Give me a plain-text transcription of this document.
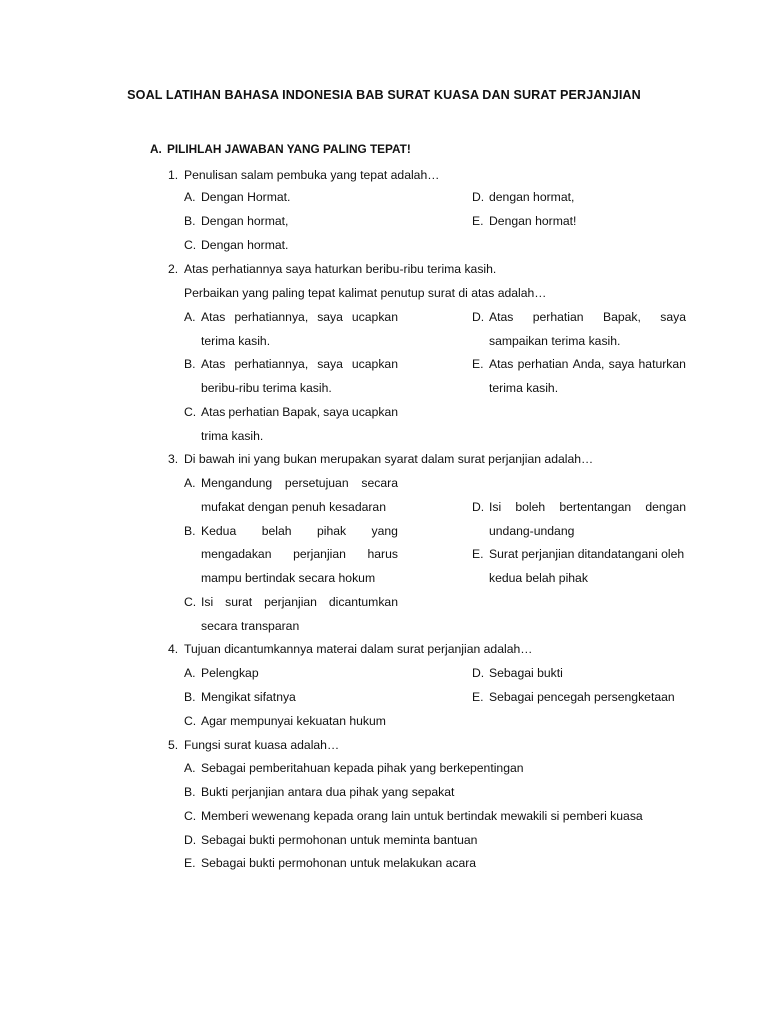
SOAL LATIHAN BAHASA INDONESIA BAB SURAT KUASA DAN SURAT PERJANJIAN
A. PILIHLAH JAWABAN YANG PALING TEPAT!
1. Penulisan salam pembuka yang tepat adalah…
A. Dengan Hormat.
B. Dengan hormat,
C. Dengan hormat.
D. dengan hormat,
E. Dengan hormat!
2. Atas perhatiannya saya haturkan beribu-ribu terima kasih.
Perbaikan yang paling tepat kalimat penutup surat di atas adalah…
A. Atas perhatiannya, saya ucapkan
terima kasih.
B. Atas perhatiannya, saya ucapkan
beribu-ribu terima kasih.
C. Atas perhatian Bapak, saya ucapkan
trima kasih.
D. Atas perhatian Bapak, saya
sampaikan terima kasih.
E. Atas perhatian Anda, saya haturkan
terima kasih.
3. Di bawah ini yang bukan merupakan syarat dalam surat perjanjian adalah…
A. Mengandung persetujuan secara
mufakat dengan penuh kesadaran
B. Kedua belah pihak yang
mengadakan perjanjian harus
mampu bertindak secara hokum
C. Isi surat perjanjian dicantumkan
secara transparan
D. Isi boleh bertentangan dengan
undang-undang
E. Surat perjanjian ditandatangani oleh
kedua belah pihak
4. Tujuan dicantumkannya materai dalam surat perjanjian adalah…
A. Pelengkap
B. Mengikat sifatnya
C. Agar mempunyai kekuatan hukum
D. Sebagai bukti
E. Sebagai pencegah persengketaan
5. Fungsi surat kuasa adalah…
A. Sebagai pemberitahuan kepada pihak yang berkepentingan
B. Bukti perjanjian antara dua pihak yang sepakat
C. Memberi wewenang kepada orang lain untuk bertindak mewakili si pemberi kuasa
D. Sebagai bukti permohonan untuk meminta bantuan
E. Sebagai bukti permohonan untuk melakukan acara
